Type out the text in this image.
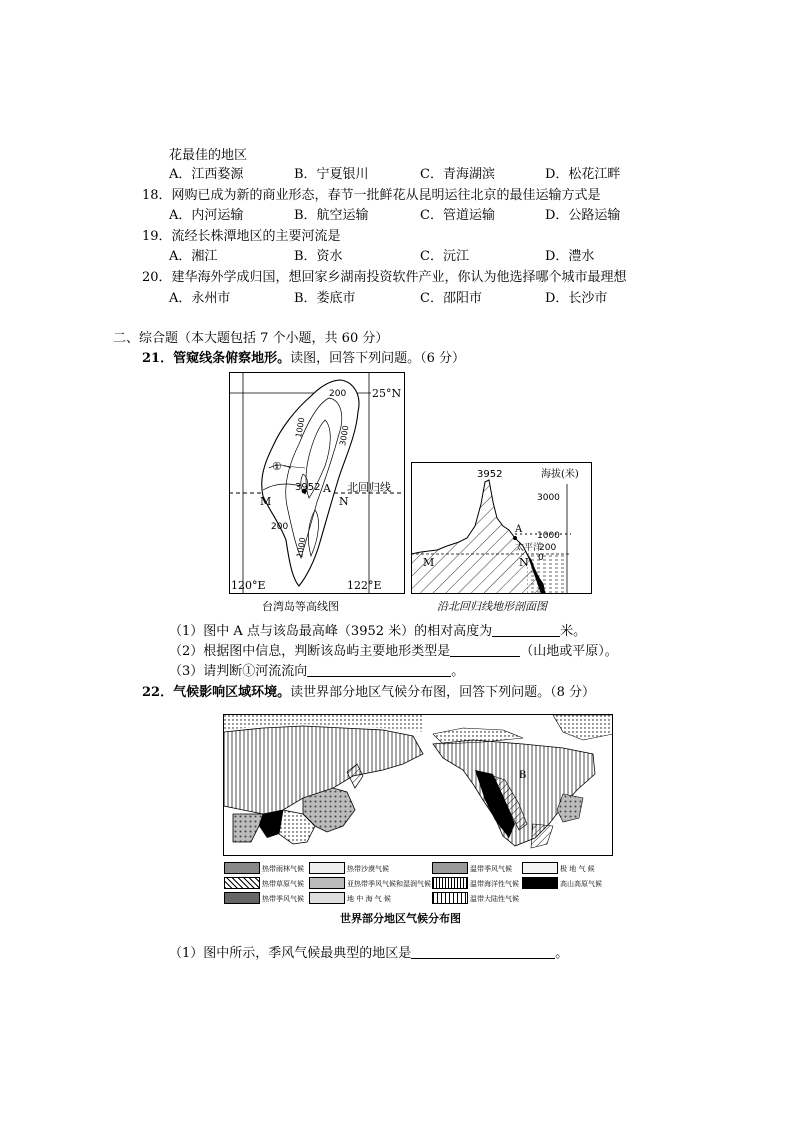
花最佳的地区
A．江西婺源	B．宁夏银川	C．青海湖滨	D．松花江畔
18．网购已成为新的商业形态，春节一批鲜花从昆明运往北京的最佳运输方式是
A．内河运输	B．航空运输	C．管道运输	D．公路运输
19．流经长株潭地区的主要河流是
A．湘江	B．资水	C．沅江	D．澧水
20．建华海外学成归国，想回家乡湖南投资软件产业，你认为他选择哪个城市最理想
A．永州市	B．娄底市	C．邵阳市	D．长沙市
二、综合题（本大题包括 7 个小题，共 60 分）
21．管窥线条俯察地形。读图，回答下列问题。（6 分）
200
1000	3000
200
1000
25°N
①
3952 A 北回归线
M	N
120°E	122°E
台湾岛等高线图
3952	海拔(米)
3000
1000
200
0
A
太平洋
M	N
沿北回归线地形剖面图
（1）图中 A 点与该岛最高峰（3952 米）的相对高度为	米。
（2）根据图中信息，判断该岛屿主要地形类型是	（山地或平原）。
（3）请判断①河流流向	。
22．气候影响区域环境。读世界部分地区气候分布图，回答下列问题。（8 分）
A
B
热带雨林气候	热带沙漠气候	温带季风气候	极 地 气 候
热带草原气候	亚热带季风气候和湿润气候	温带海洋性气候	高山高原气候
热带季风气候	地 中 海 气 候	温带大陆性气候
世界部分地区气候分布图
（1）图中所示，季风气候最典型的地区是	。
